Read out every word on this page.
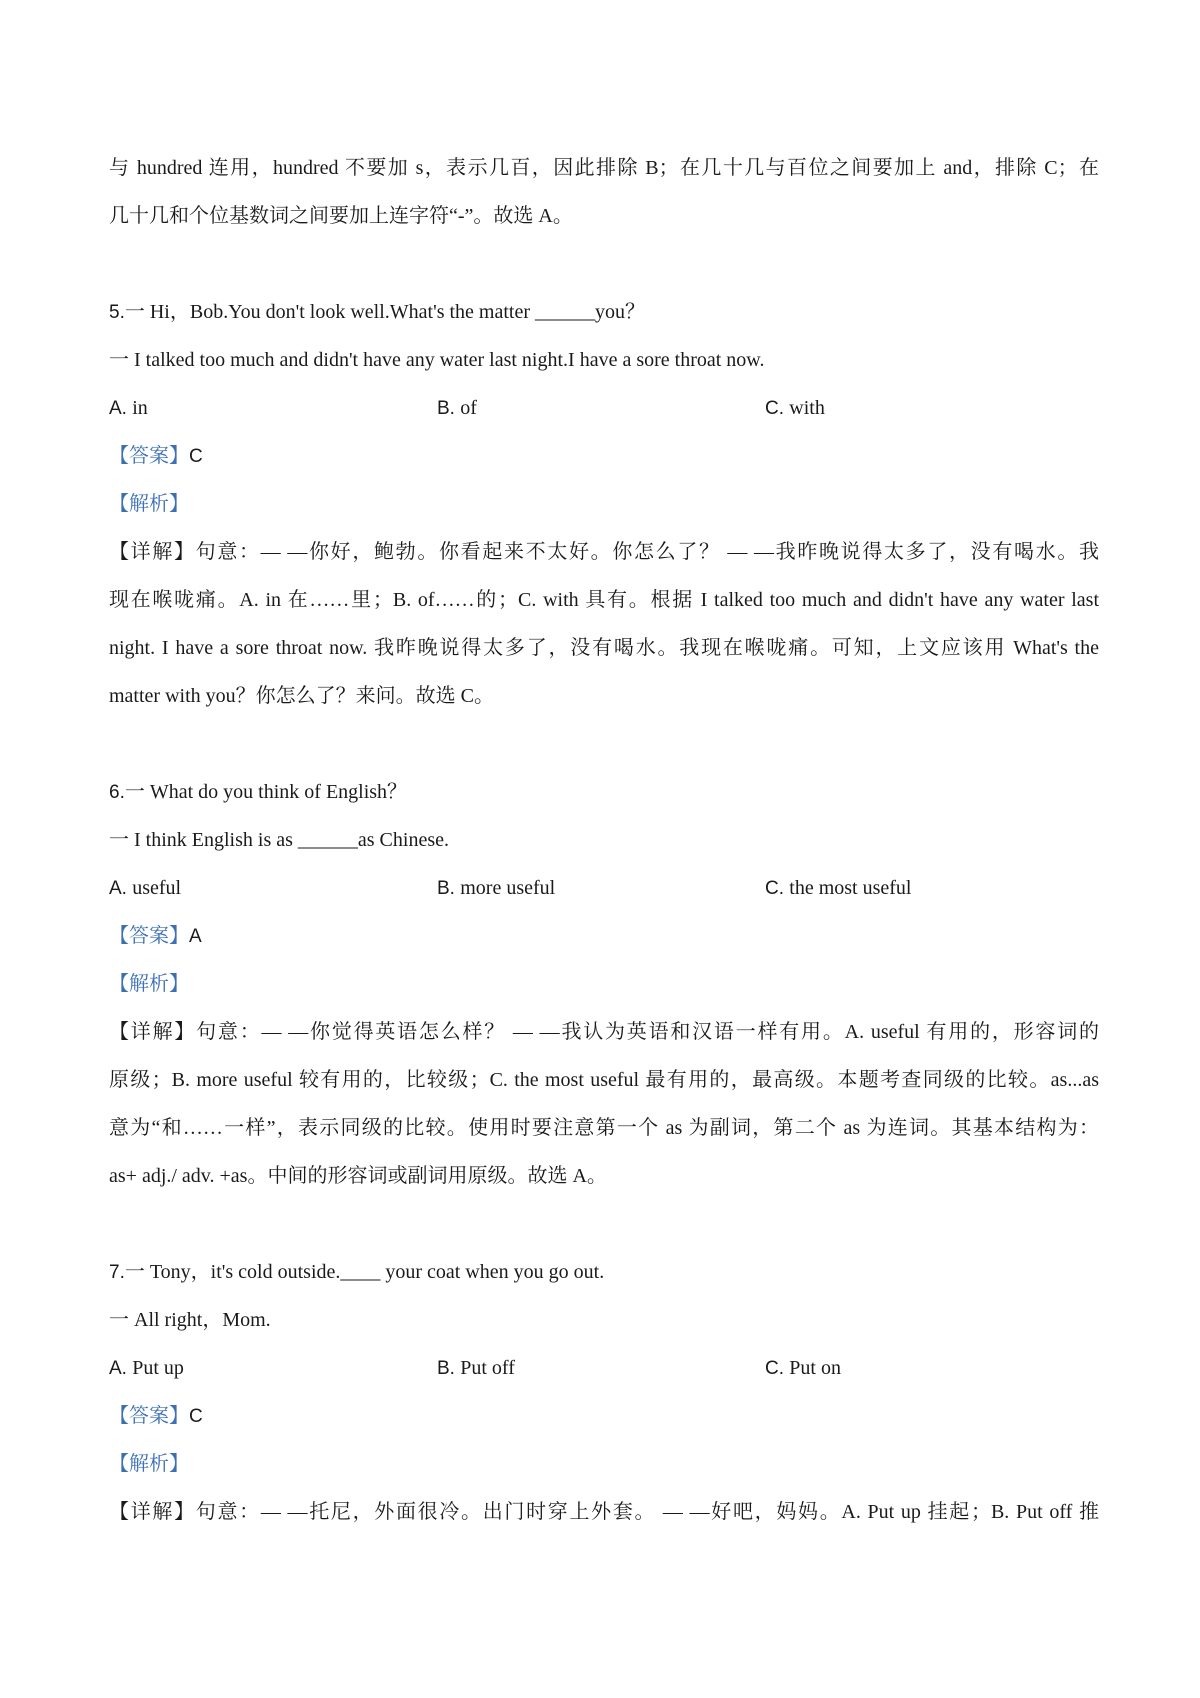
与 hundred 连用，hundred 不要加 s，表示几百，因此排除 B；在几十几与百位之间要加上 and，排除 C；在
几十几和个位基数词之间要加上连字符“-”。故选 A。
5.一 Hi，Bob.You don't look well.What's the matter ______you？
一 I talked too much and didn't have any water last night.I have a sore throat now.
A. in	B. of	C. with
【答案】C
【解析】
【详解】句意：— —你好，鲍勃。你看起来不太好。你怎么了？ — —我昨晚说得太多了，没有喝水。我
现在喉咙痛。A. in 在……里；B. of……的；C. with 具有。根据 I talked too much and didn't have any water last
night. I have a sore throat now. 我昨晚说得太多了，没有喝水。我现在喉咙痛。可知，上文应该用 What's the
matter with you？你怎么了？来问。故选 C。
6.一 What do you think of English？
一 I think English is as ______as Chinese.
A. useful	B. more useful	C. the most useful
【答案】A
【解析】
【详解】句意：— —你觉得英语怎么样？ — —我认为英语和汉语一样有用。A. useful 有用的，形容词的
原级；B. more useful 较有用的，比较级；C. the most useful 最有用的，最高级。本题考查同级的比较。as...as
意为“和……一样”，表示同级的比较。使用时要注意第一个 as 为副词，第二个 as 为连词。其基本结构为：
as+ adj./ adv. +as。中间的形容词或副词用原级。故选 A。
7.一 Tony，it's cold outside.____ your coat when you go out.
一 All right，Mom.
A. Put up	B. Put off	C. Put on
【答案】C
【解析】
【详解】句意：— —托尼，外面很冷。出门时穿上外套。 — —好吧，妈妈。A. Put up 挂起；B. Put off 推
